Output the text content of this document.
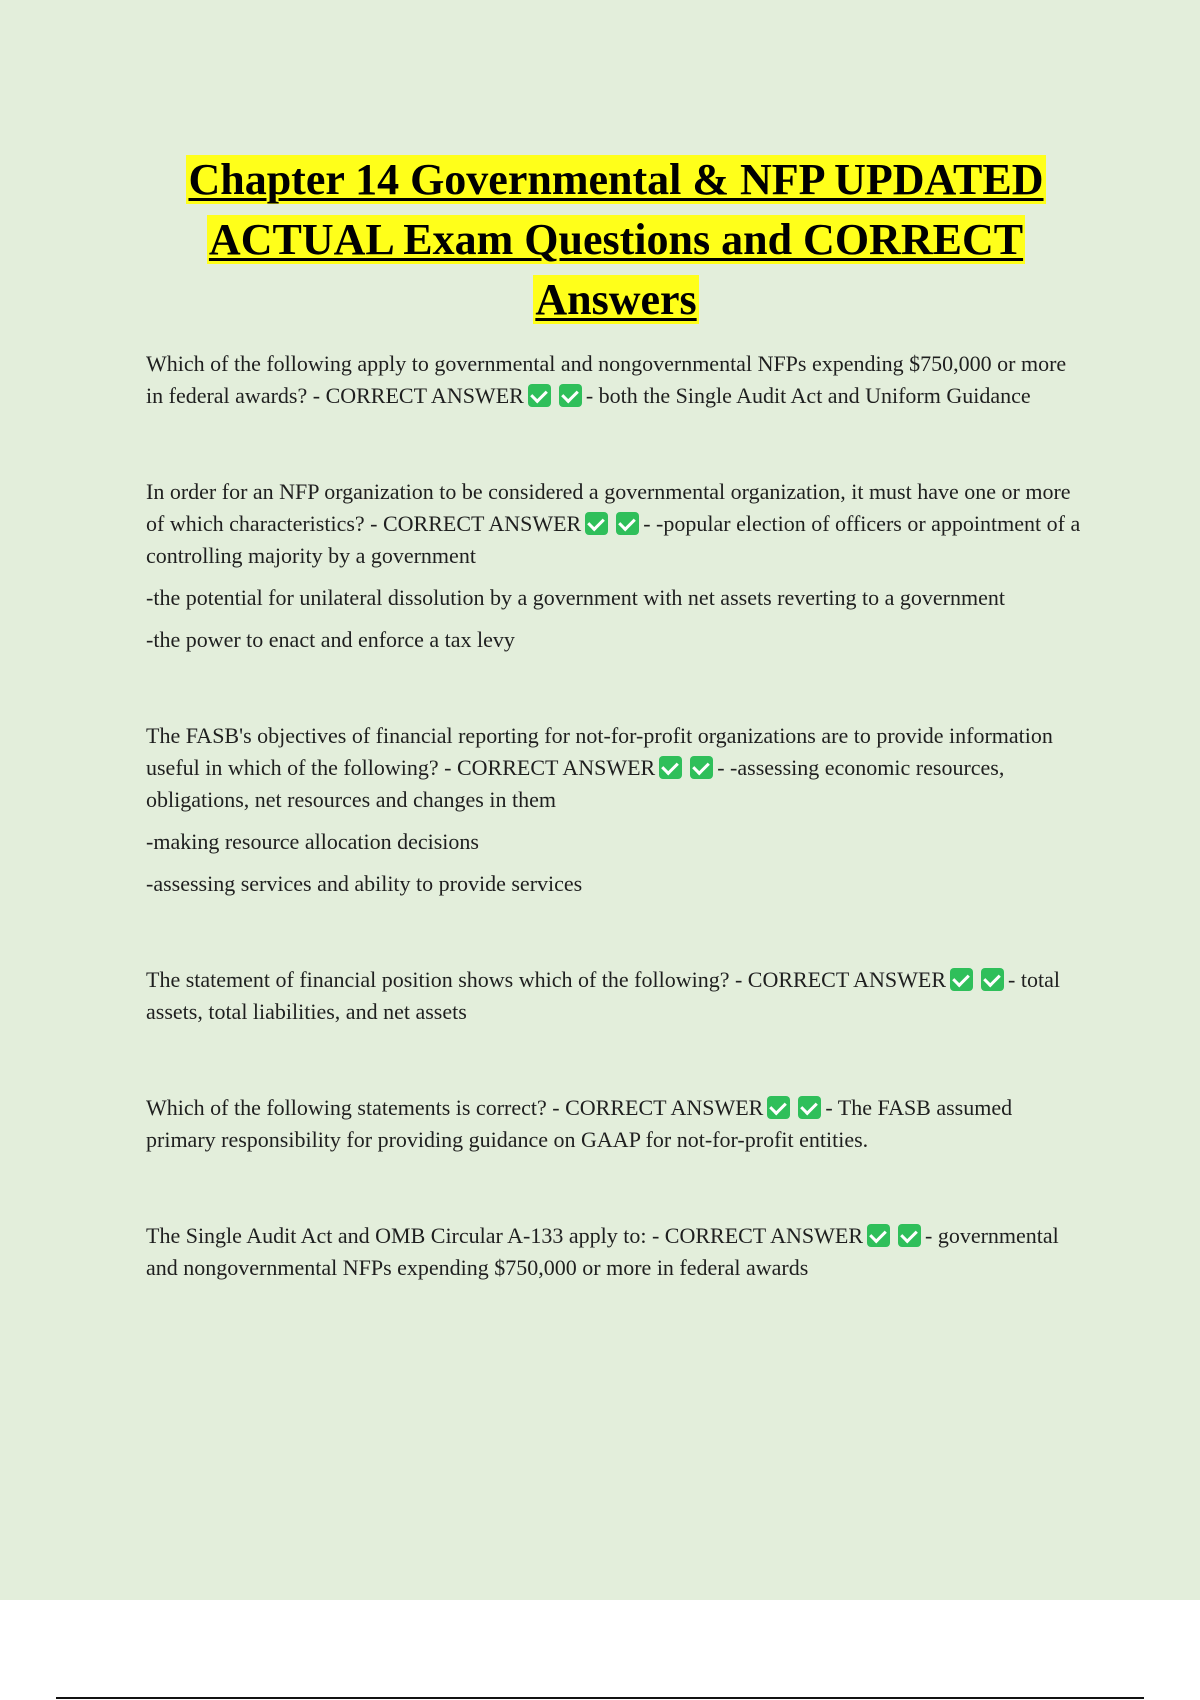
Chapter 14 Governmental & NFP UPDATED ACTUAL Exam Questions and CORRECT Answers

Which of the following apply to governmental and nongovernmental NFPs expending $750,000 or more in federal awards? - CORRECT ANSWER	- both the Single Audit Act and Uniform Guidance

In order for an NFP organization to be considered a governmental organization, it must have one or more of which characteristics? - CORRECT ANSWER	- -popular election of officers or appointment of a controlling majority by a government

-the potential for unilateral dissolution by a government with net assets reverting to a government

-the power to enact and enforce a tax levy

The FASB's objectives of financial reporting for not-for-profit organizations are to provide information useful in which of the following? - CORRECT ANSWER	- -assessing economic resources, obligations, net resources and changes in them

-making resource allocation decisions

-assessing services and ability to provide services

The statement of financial position shows which of the following? - CORRECT ANSWER	- total assets, total liabilities, and net assets

Which of the following statements is correct? - CORRECT ANSWER	- The FASB assumed primary responsibility for providing guidance on GAAP for not-for-profit entities.

The Single Audit Act and OMB Circular A-133 apply to: - CORRECT ANSWER	- governmental and nongovernmental NFPs expending $750,000 or more in federal awards
